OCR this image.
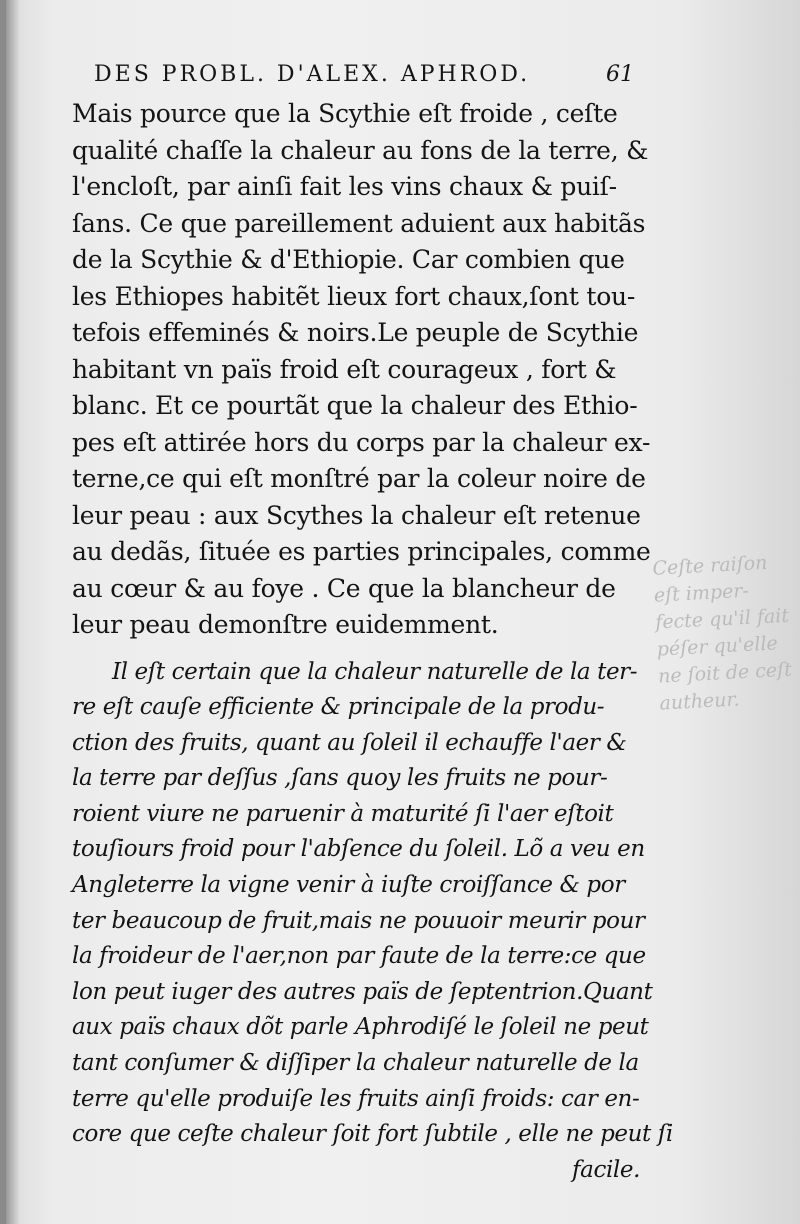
DES PROBL. D'ALEX. APHROD.	61
Mais pource que la Scythie eſt froide , ceſte
qualité chaſſe la chaleur au fons de la terre, &
l'encloſt, par ainſi fait les vins chaux & puiſ-
ſans. Ce que pareillement aduient aux habitãs
de la Scythie & d'Ethiopie. Car combien que
les Ethiopes habitẽt lieux fort chaux,ſont tou-
tefois effeminés & noirs.Le peuple de Scythie
habitant vn païs froid eſt courageux , fort &
blanc. Et ce pourtãt que la chaleur des Ethio-
pes eſt attirée hors du corps par la chaleur ex-
terne,ce qui eſt monſtré par la coleur noire de
leur peau : aux Scythes la chaleur eſt retenue
au dedãs, ſituée es parties principales, comme
au cœur & au foye . Ce que la blancheur de
leur peau demonſtre euidemment.
Il eſt certain que la chaleur naturelle de la ter-
re eſt cauſe efficiente & principale de la produ-
ction des fruits, quant au ſoleil il echauffe l'aer &
la terre par deſſus ,ſans quoy les fruits ne pour-
roient viure ne paruenir à maturité ſi l'aer eſtoit
touſiours froid pour l'abſence du ſoleil. Lõ a veu en
Angleterre la vigne venir à iuſte croiſſance & por
ter beaucoup de fruit,mais ne pouuoir meurir pour
la froideur de l'aer,non par faute de la terre:ce que
lon peut iuger des autres païs de ſeptentrion.Quant
aux païs chaux dõt parle Aphrodiſé le ſoleil ne peut
tant conſumer & diſſiper la chaleur naturelle de la
terre qu'elle produiſe les fruits ainſi froids: car en-
core que ceſte chaleur ſoit fort ſubtile , elle ne peut ſi
facile.
Ceſte raiſon
eſt imper-
fecte qu'il fait
péſer qu'elle
ne ſoit de ceſt
autheur.
